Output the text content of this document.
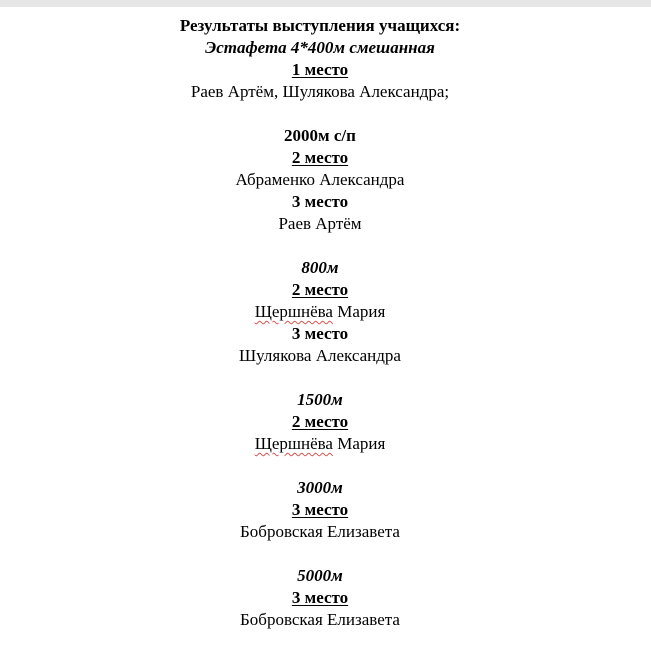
Результаты выступления учащихся:
Эстафета 4*400м смешанная
1 место
Раев Артём, Шулякова Александра;
2000м с/п
2 место
Абраменко Александра
3 место
Раев Артём
800м
2 место
Щершнёва Мария
3 место
Шулякова Александра
1500м
2 место
Щершнёва Мария
3000м
3 место
Бобровская Елизавета
5000м
3 место
Бобровская Елизавета
